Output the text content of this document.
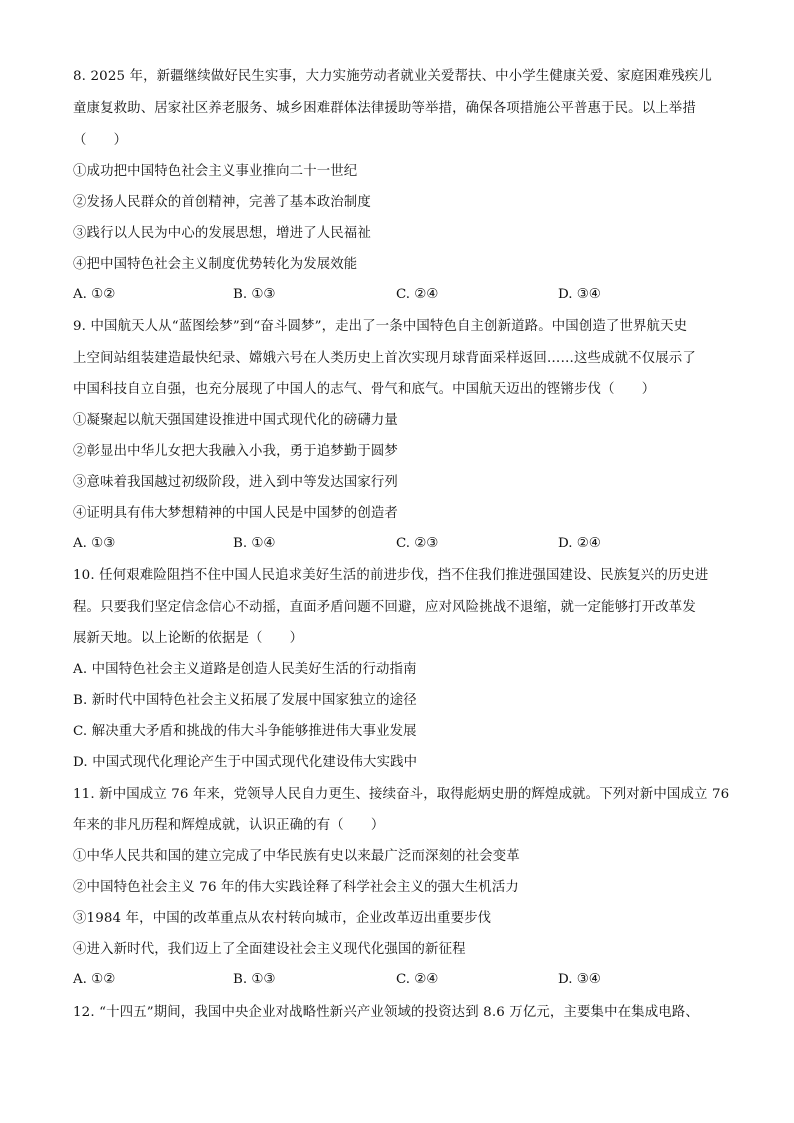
8. 2025 年，新疆继续做好民生实事，大力实施劳动者就业关爱帮扶、中小学生健康关爱、家庭困难残疾儿
童康复救助、居家社区养老服务、城乡困难群体法律援助等举措，确保各项措施公平普惠于民。以上举措
（　　）
①成功把中国特色社会主义事业推向二十一世纪
②发扬人民群众的首创精神，完善了基本政治制度
③践行以人民为中心的发展思想，增进了人民福祉
④把中国特色社会主义制度优势转化为发展效能
A. ①②	B. ①③	C. ②④	D. ③④
9. 中国航天人从“蓝图绘梦”到“奋斗圆梦”，走出了一条中国特色自主创新道路。中国创造了世界航天史
上空间站组装建造最快纪录、嫦娥六号在人类历史上首次实现月球背面采样返回……这些成就不仅展示了
中国科技自立自强，也充分展现了中国人的志气、骨气和底气。中国航天迈出的铿锵步伐（　　）
①凝聚起以航天强国建设推进中国式现代化的磅礴力量
②彰显出中华儿女把大我融入小我，勇于追梦勤于圆梦
③意味着我国越过初级阶段，进入到中等发达国家行列
④证明具有伟大梦想精神的中国人民是中国梦的创造者
A. ①③	B. ①④	C. ②③	D. ②④
10. 任何艰难险阻挡不住中国人民追求美好生活的前进步伐，挡不住我们推进强国建设、民族复兴的历史进
程。只要我们坚定信念信心不动摇，直面矛盾问题不回避，应对风险挑战不退缩，就一定能够打开改革发
展新天地。以上论断的依据是（　　）
A. 中国特色社会主义道路是创造人民美好生活的行动指南
B. 新时代中国特色社会主义拓展了发展中国家独立的途径
C. 解决重大矛盾和挑战的伟大斗争能够推进伟大事业发展
D. 中国式现代化理论产生于中国式现代化建设伟大实践中
11. 新中国成立 76 年来，党领导人民自力更生、接续奋斗，取得彪炳史册的辉煌成就。下列对新中国成立 76
年来的非凡历程和辉煌成就，认识正确的有（　　）
①中华人民共和国的建立完成了中华民族有史以来最广泛而深刻的社会变革
②中国特色社会主义 76 年的伟大实践诠释了科学社会主义的强大生机活力
③1984 年，中国的改革重点从农村转向城市，企业改革迈出重要步伐
④进入新时代，我们迈上了全面建设社会主义现代化强国的新征程
A. ①②	B. ①③	C. ②④	D. ③④
12. “十四五”期间，我国中央企业对战略性新兴产业领域的投资达到 8.6 万亿元，主要集中在集成电路、
